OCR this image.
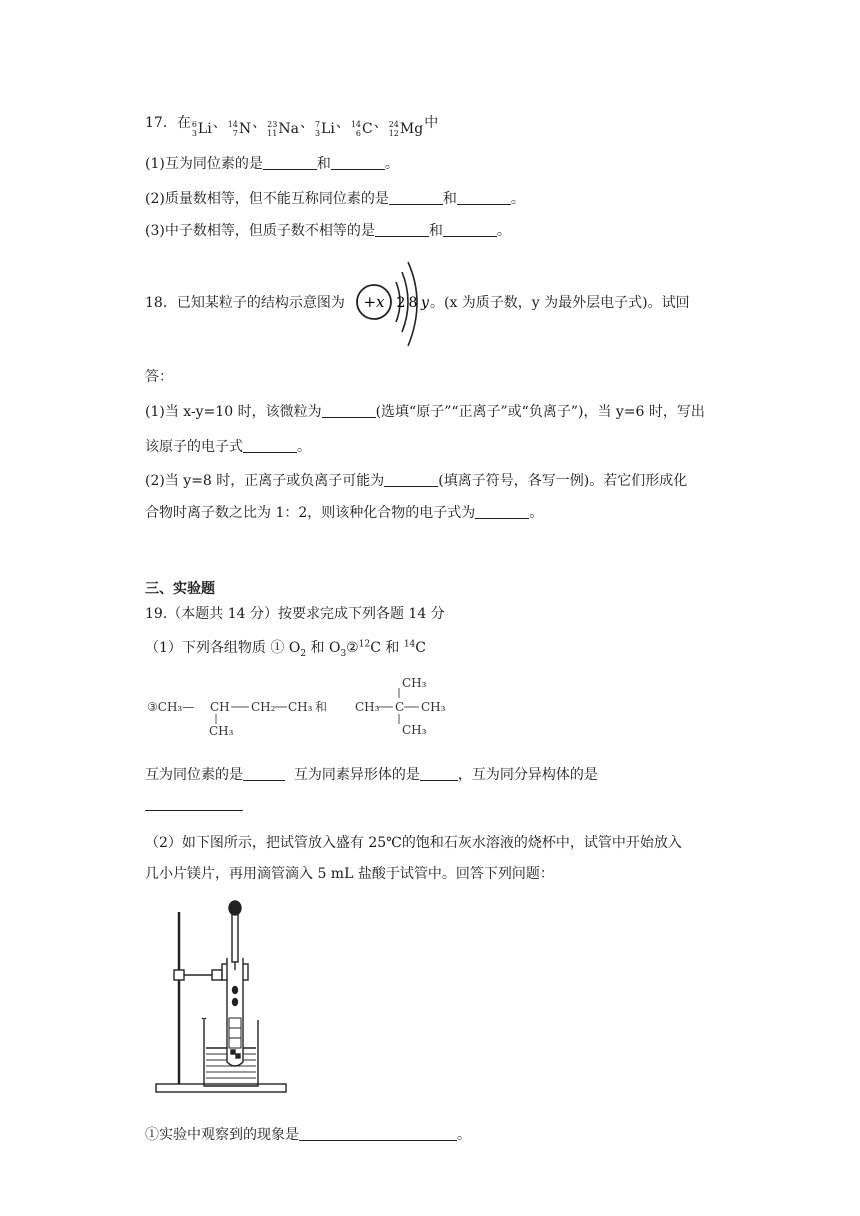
17．在 6
3 Li 、 14
7 N 、 23
11 Na 、 7
3 Li 、 14
6 C 、 24
12 Mg 中
(1)互为同位素的是	和	。
(2)质量数相等，但不能互称同位素的是	和	。
(3)中子数相等，但质子数不相等的是	和	。
18．已知某粒子的结构示意图为 +x 2 8 y 。(x 为质子数，y 为最外层电子式)。试回
答：
(1)当 x-y=10 时，该微粒为	(选填“原子”“正离子”或“负离子”)，当 y=6 时，写出
该原子的电子式	。
(2)当 y=8 时，正离子或负离子可能为	(填离子符号，各写一例)。若它们形成化
合物时离子数之比为 1：2，则该种化合物的电子式为	。
三、实验题
19.（本题共 14 分）按要求完成下列各题 14 分
（1）下列各组物质 ① $O_2$ 和 $O_3②^{12}C$ 和 $^{14}$C
③CH₃— CH CH₂ CH₃
CH₃
和 CH₃ C CH₃
CH₃
CH₃
互为同位素的是	互为同素异形体的是	，互为同分异构体的是
（2）如下图所示，把试管放入盛有 25℃的饱和石灰水溶液的烧杯中，试管中开始放入
几小片镁片，再用滴管滴入 5 mL 盐酸于试管中。回答下列问题：
①实验中观察到的现象是	。
